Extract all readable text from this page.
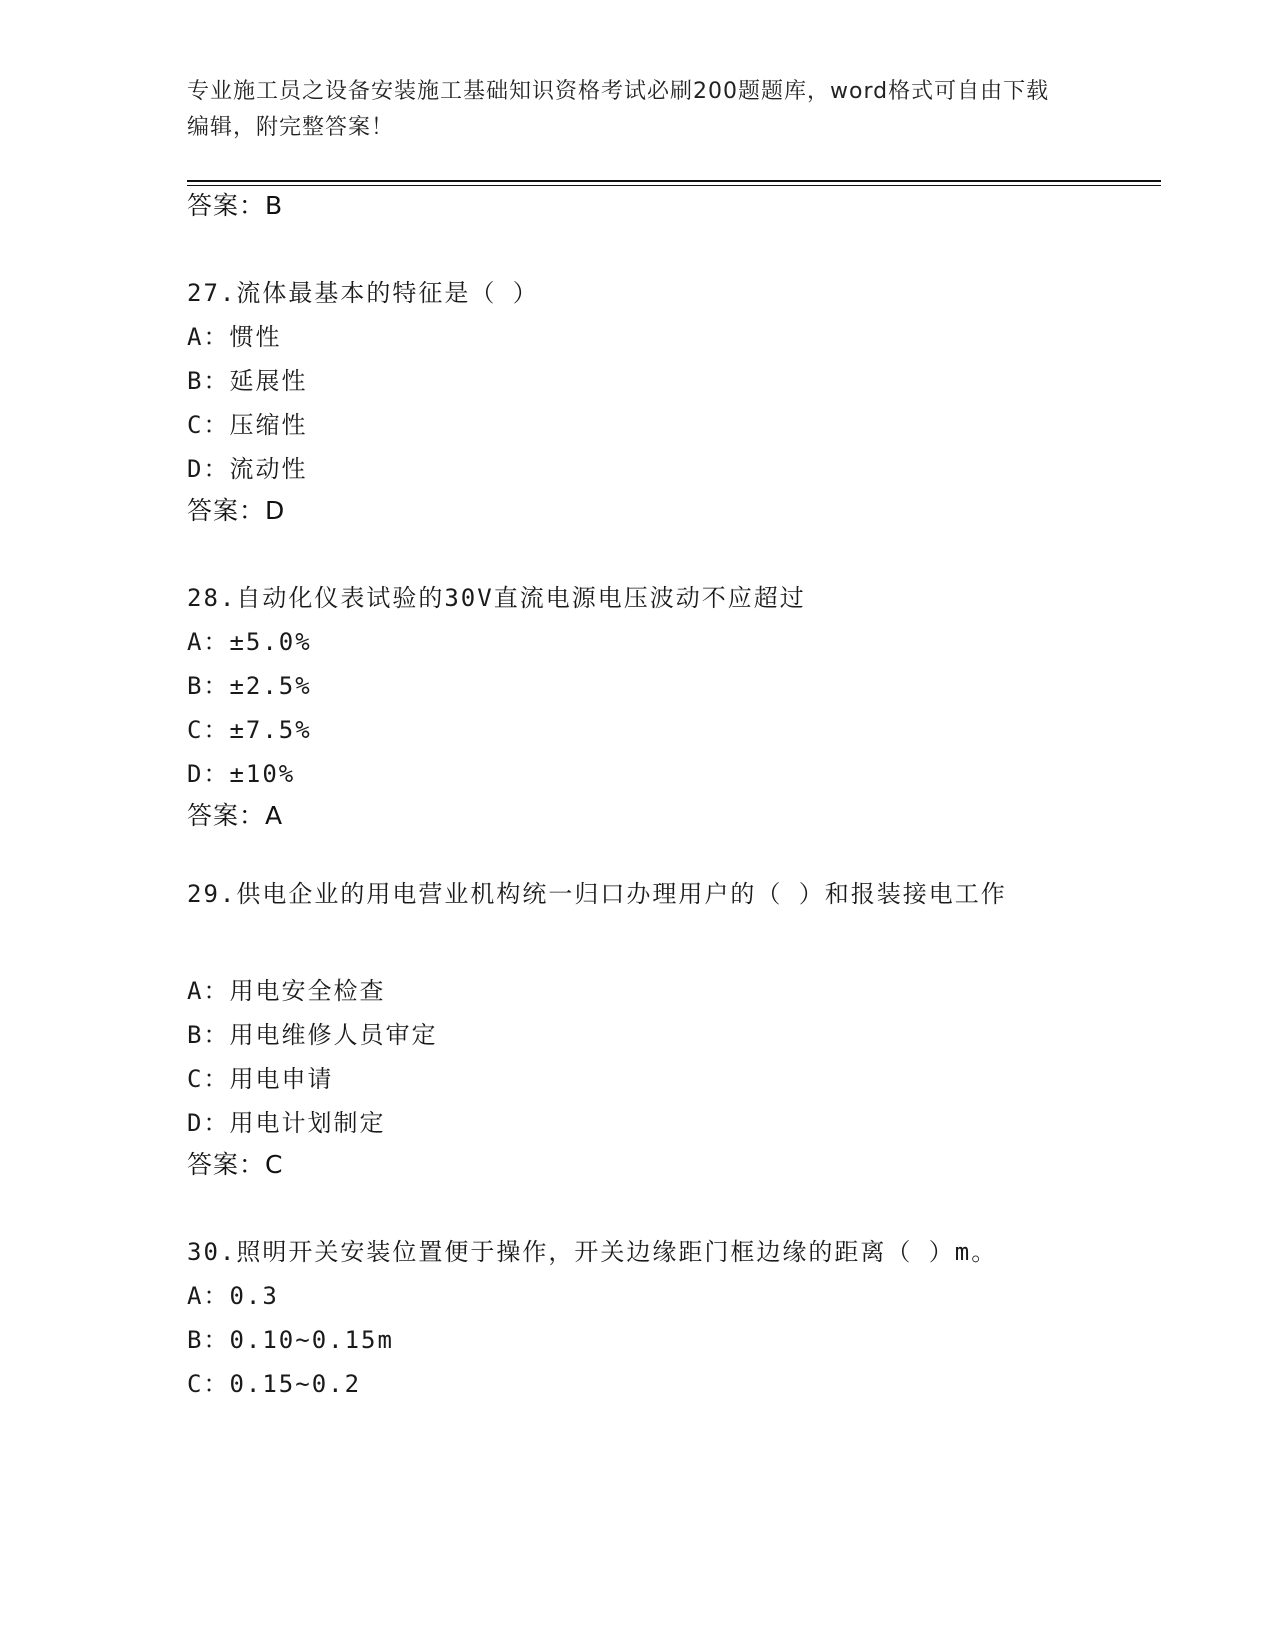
专业施工员之设备安装施工基础知识资格考试必刷200题题库，word格式可自由下载编辑，附完整答案！
答案：B
27.流体最基本的特征是（ ）
A：惯性
B：延展性
C：压缩性
D：流动性
答案：D
28.自动化仪表试验的30V直流电源电压波动不应超过
A：±5.0%
B：±2.5%
C：±7.5%
D：±10%
答案：A
29.供电企业的用电营业机构统一归口办理用户的（ ）和报装接电工作
A：用电安全检查
B：用电维修人员审定
C：用电申请
D：用电计划制定
答案：C
30.照明开关安装位置便于操作，开关边缘距门框边缘的距离（ ）m。
A：0.3
B：0.10~0.15m
C：0.15~0.2
